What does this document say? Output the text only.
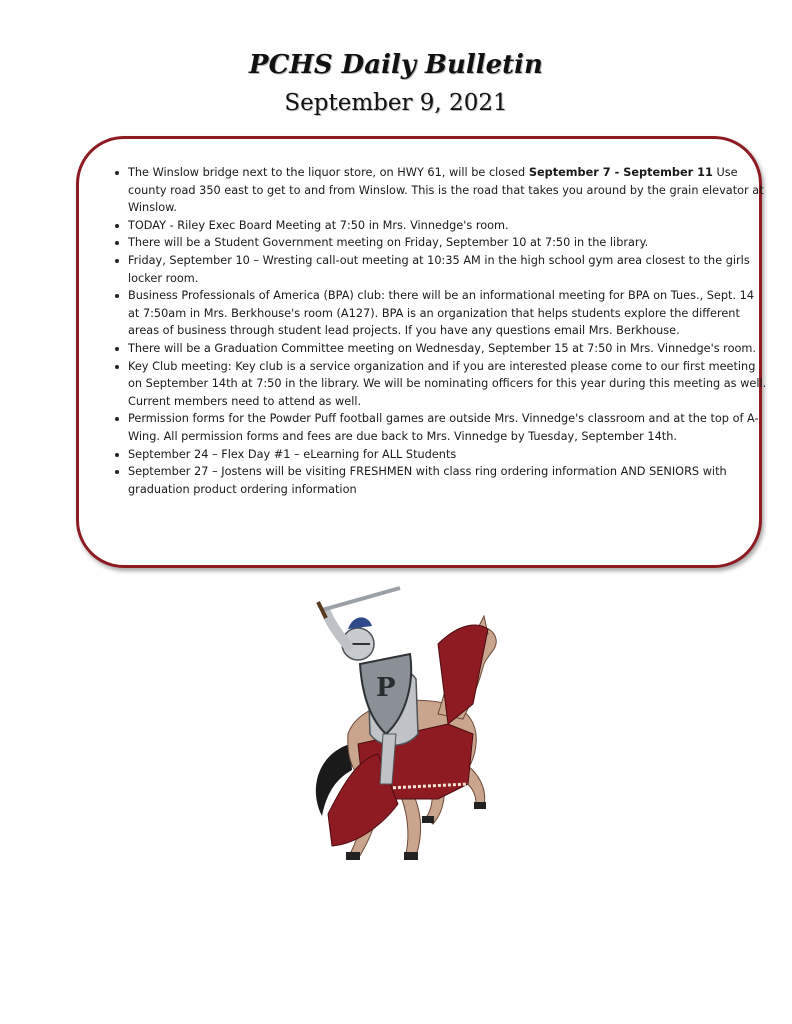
PCHS Daily Bulletin
September 9, 2021
The Winslow bridge next to the liquor store, on HWY 61, will be closed September 7 - September 11 Use county road 350 east to get to and from Winslow. This is the road that takes you around by the grain elevator at Winslow.
TODAY - Riley Exec Board Meeting at 7:50 in Mrs. Vinnedge's room.
There will be a Student Government meeting on Friday, September 10 at 7:50 in the library.
Friday, September 10 – Wresting call-out meeting at 10:35 AM in the high school gym area closest to the girls locker room.
Business Professionals of America (BPA) club: there will be an informational meeting for BPA on Tues., Sept. 14 at 7:50am in Mrs. Berkhouse's room (A127). BPA is an organization that helps students explore the different areas of business through student lead projects. If you have any questions email Mrs. Berkhouse.
There will be a Graduation Committee meeting on Wednesday, September 15 at 7:50 in Mrs. Vinnedge's room.
Key Club meeting: Key club is a service organization and if you are interested please come to our first meeting on September 14th at 7:50 in the library. We will be nominating officers for this year during this meeting as well. Current members need to attend as well.
Permission forms for the Powder Puff football games are outside Mrs. Vinnedge's classroom and at the top of A-Wing. All permission forms and fees are due back to Mrs. Vinnedge by Tuesday, September 14th.
September 24 – Flex Day #1 – eLearning for ALL Students
September 27 – Jostens will be visiting FRESHMEN with class ring ordering information AND SENIORS with graduation product ordering information
P
